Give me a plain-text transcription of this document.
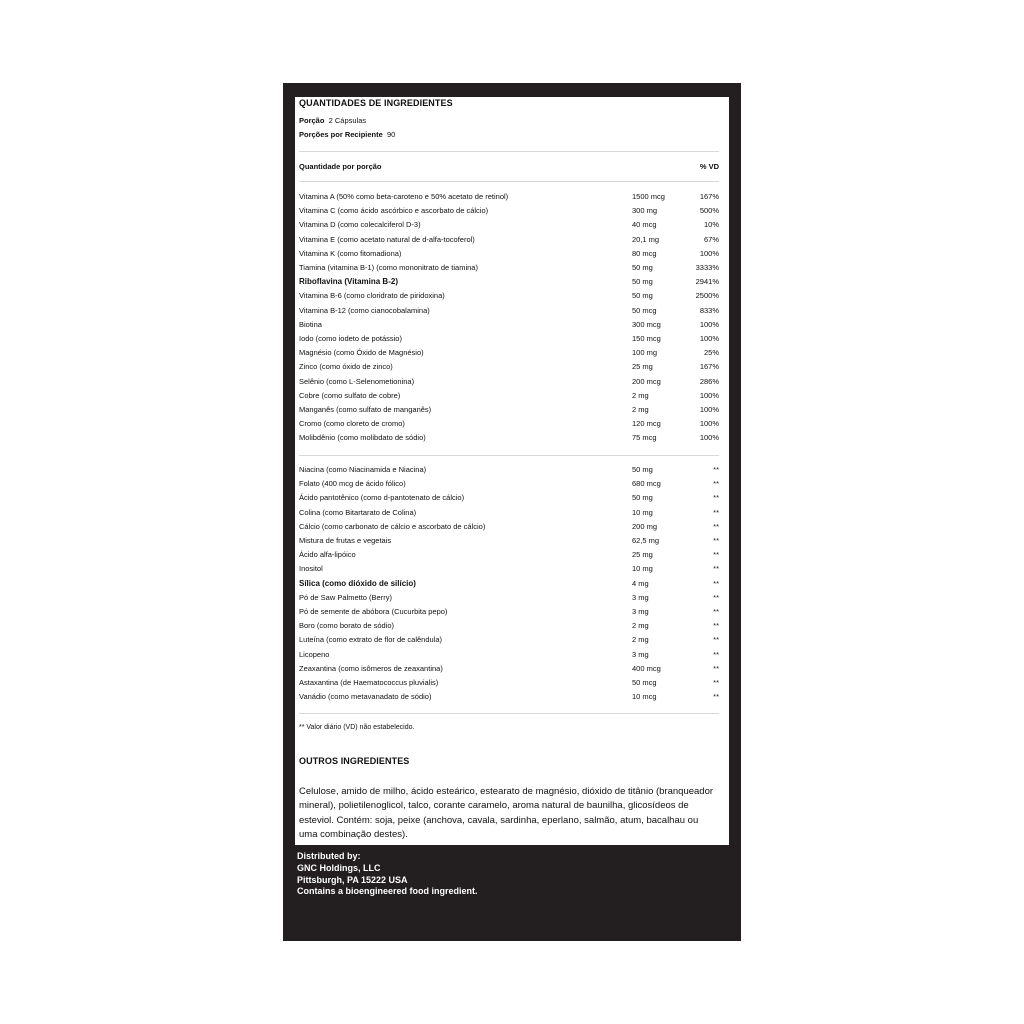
QUANTIDADES DE INGREDIENTES
Porção 2 Cápsulas
Porções por Recipiente 90
Quantidade por porção	% VD
Vitamina A (50% como beta-caroteno e 50% acetato de retinol)	1500 mcg	167%
Vitamina C (como ácido ascórbico e ascorbato de cálcio)	300 mg	500%
Vitamina D (como colecalciferol D-3)	40 mcg	10%
Vitamina E (como acetato natural de d-alfa-tocoferol)	20,1 mg	67%
Vitamina K (como fitomadiona)	80 mcg	100%
Tiamina (vitamina B-1) (como mononitrato de tiamina)	50 mg	3333%
Riboflavina (Vitamina B-2)	50 mg	2941%
Vitamina B-6 (como cloridrato de piridoxina)	50 mg	2500%
Vitamina B-12 (como cianocobalamina)	50 mcg	833%
Biotina	300 mcg	100%
Iodo (como iodeto de potássio)	150 mcg	100%
Magnésio (como Óxido de Magnésio)	100 mg	25%
Zinco (como óxido de zinco)	25 mg	167%
Selênio (como L-Selenometionina)	200 mcg	286%
Cobre (como sulfato de cobre)	2 mg	100%
Manganês (como sulfato de manganês)	2 mg	100%
Cromo (como cloreto de cromo)	120 mcg	100%
Molibdênio (como molibdato de sódio)	75 mcg	100%
Niacina (como Niacinamida e Niacina)	50 mg	**
Folato (400 mcg de ácido fólico)	680 mcg	**
Ácido pantotênico (como d-pantotenato de cálcio)	50 mg	**
Colina (como Bitartarato de Colina)	10 mg	**
Cálcio (como carbonato de cálcio e ascorbato de cálcio)	200 mg	**
Mistura de frutas e vegetais	62,5 mg	**
Ácido alfa-lipóico	25 mg	**
Inositol	10 mg	**
Sílica (como dióxido de silício)	4 mg	**
Pó de Saw Palmetto (Berry)	3 mg	**
Pó de semente de abóbora (Cucurbita pepo)	3 mg	**
Boro (como borato de sódio)	2 mg	**
Luteína (como extrato de flor de calêndula)	2 mg	**
Licopeno	3 mg	**
Zeaxantina (como isômeros de zeaxantina)	400 mcg	**
Astaxantina (de Haematococcus pluvialis)	50 mcg	**
Vanádio (como metavanadato de sódio)	10 mcg	**
** Valor diário (VD) não estabelecido.
OUTROS INGREDIENTES
Celulose, amido de milho, ácido esteárico, estearato de magnésio, dióxido de titânio (branqueador mineral), polietilenoglicol, talco, corante caramelo, aroma natural de baunilha, glicosídeos de esteviol. Contém: soja, peixe (anchova, cavala, sardinha, eperlano, salmão, atum, bacalhau ou uma combinação destes).
Distributed by:
GNC Holdings, LLC
Pittsburgh, PA 15222 USA
Contains a bioengineered food ingredient.
